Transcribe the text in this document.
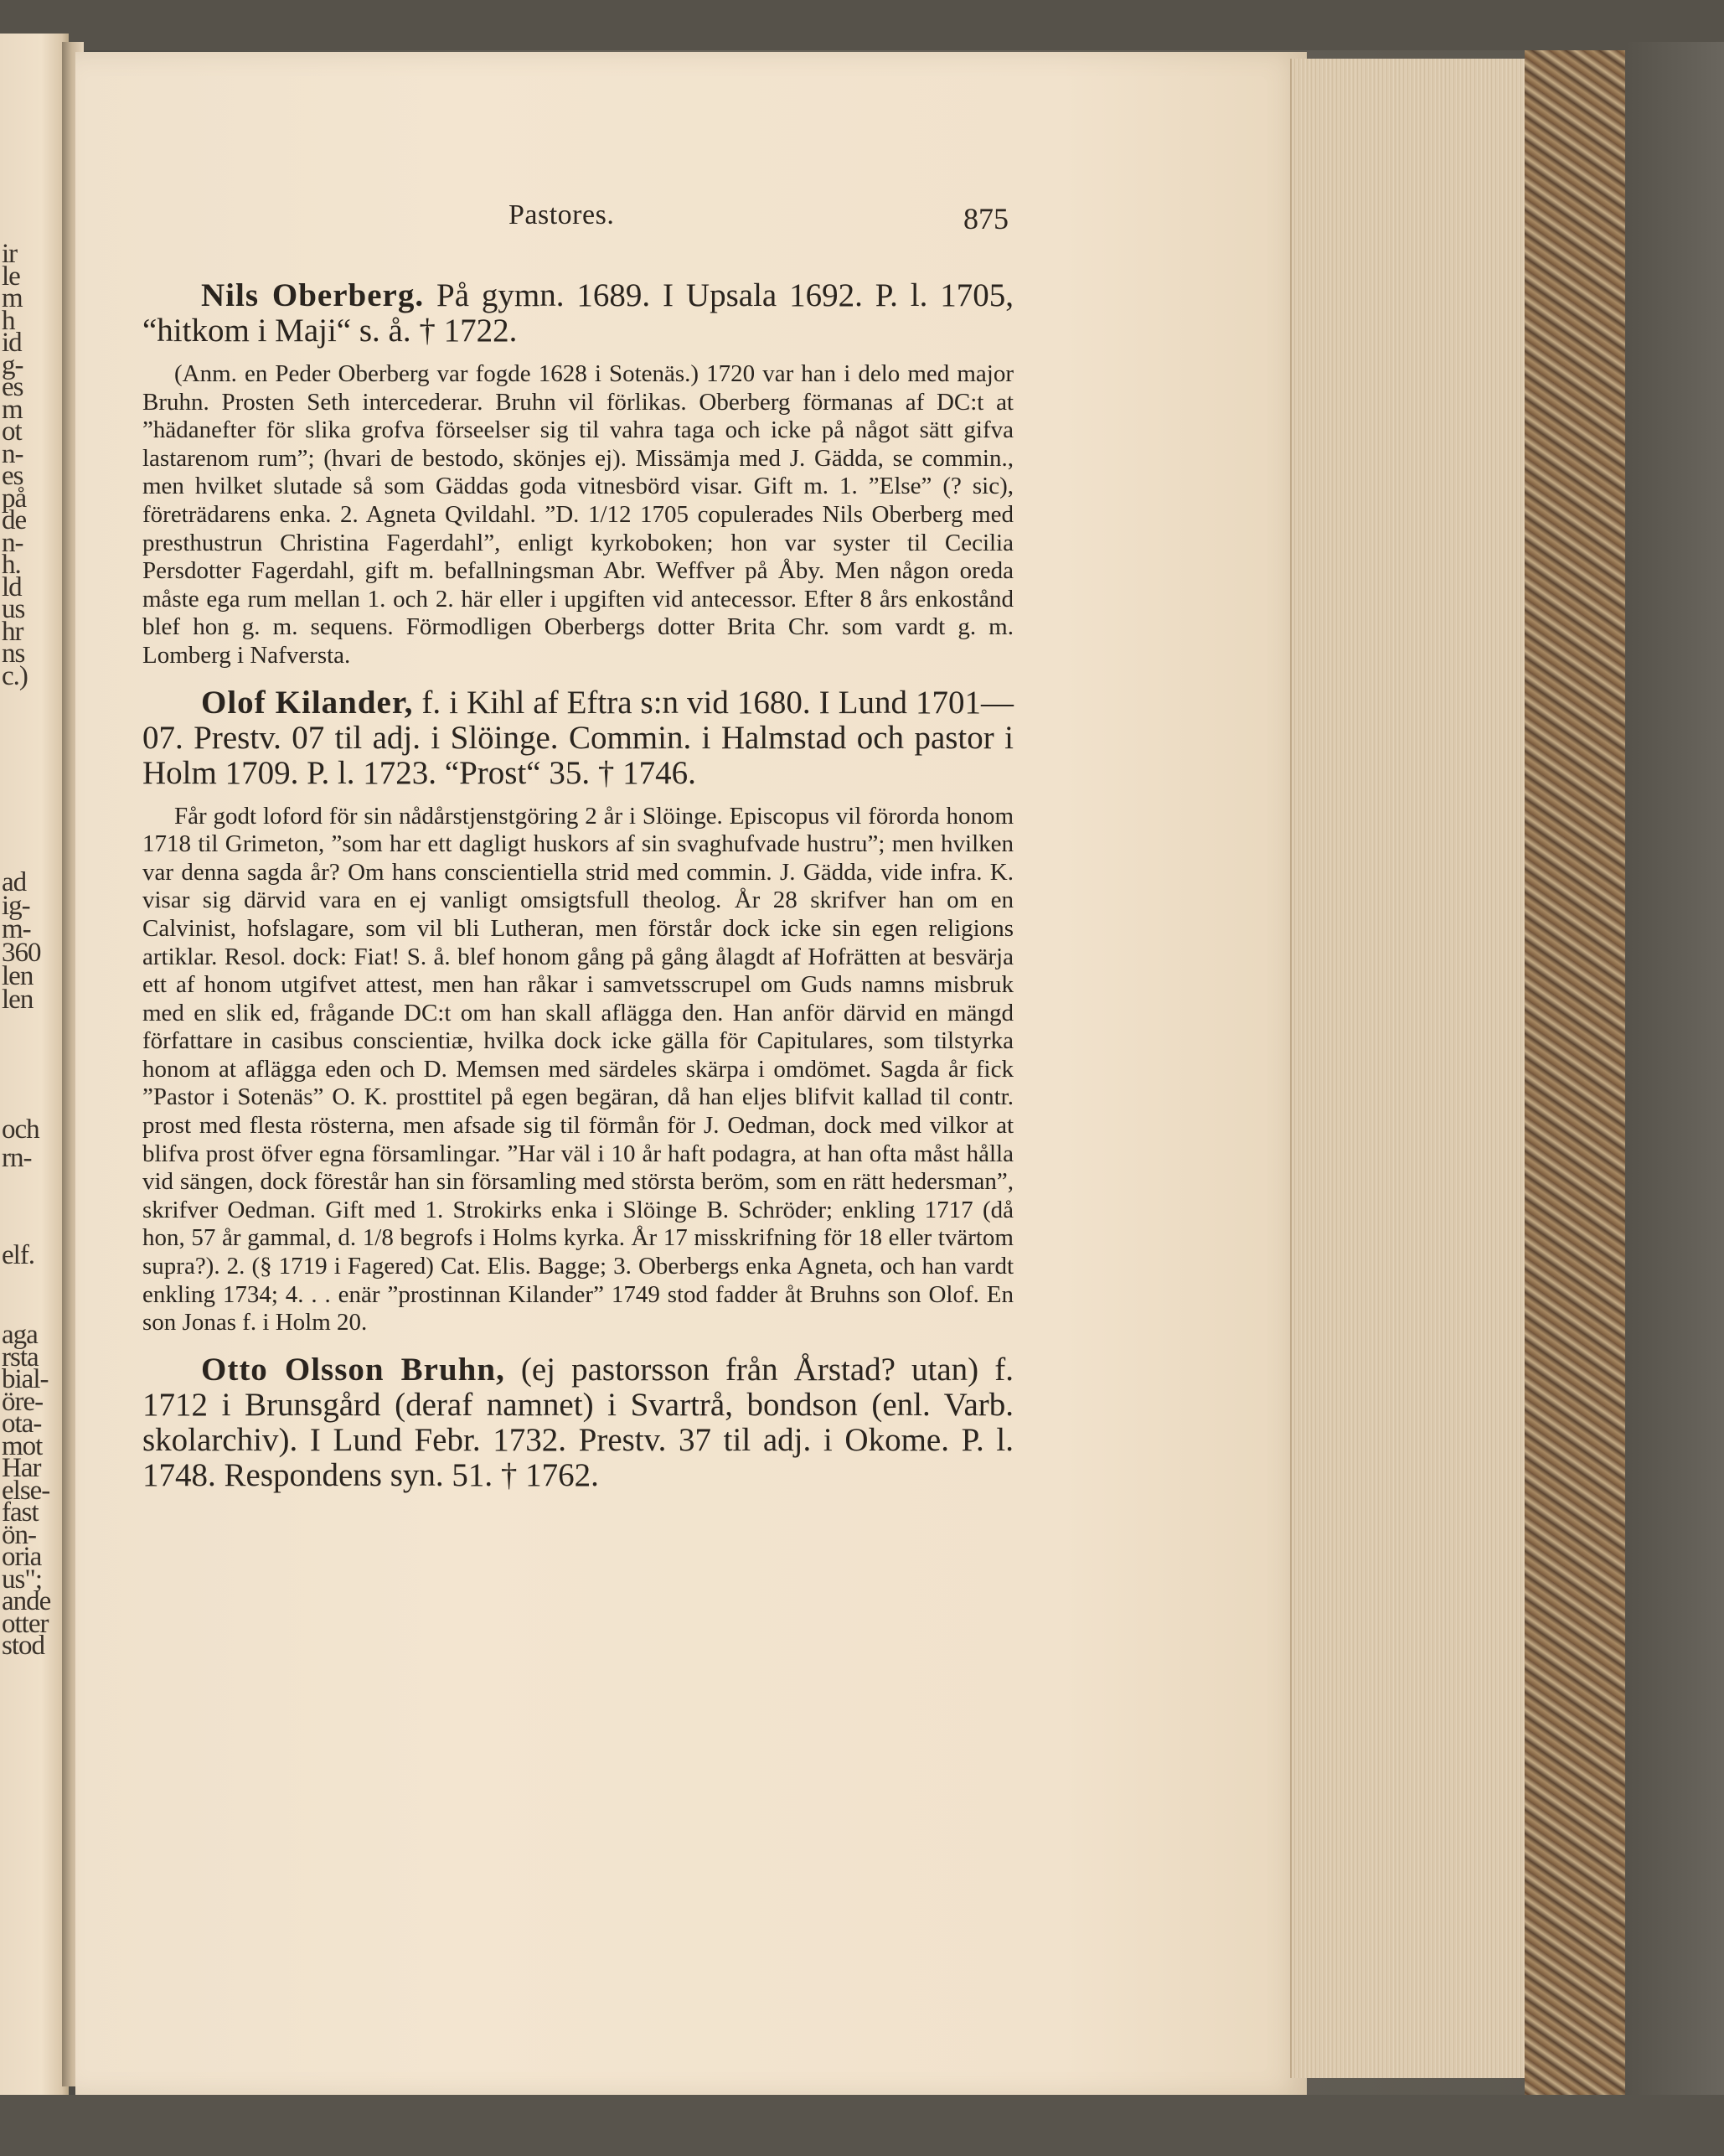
ir
le
m
h
id
g-
es
m
ot
n-
es
på
de
n-
h.
ld
us
hr
ns
c.)
ad
ig-
m-
360
len
len
och
rn-
elf.
aga
rsta
bial-
öre-
ota-
mot
Har
else-
fast
ön-
oria
us";
ande
otter
stod
Pastores.	875

Nils Oberberg. På gymn. 1689. I Upsala 1692. P. l. 1705, “hitkom i Maji“ s. å. † 1722.

(Anm. en Peder Oberberg var fogde 1628 i Sotenäs.) 1720 var han i delo med major Bruhn. Prosten Seth intercederar. Bruhn vil förlikas. Oberberg förmanas af DC:t at ”hädanefter för slika grofva förseelser sig til vahra taga och icke på något sätt gifva lastarenom rum”; (hvari de bestodo, skönjes ej). Missämja med J. Gädda, se commin., men hvilket slutade så som Gäddas goda vitnesbörd visar. Gift m. 1. ”Else” (? sic), företrädarens enka. 2. Agneta Qvildahl. ”D. 1/12 1705 copulerades Nils Oberberg med presthustrun Christina Fagerdahl”, enligt kyrkoboken; hon var syster til Cecilia Persdotter Fagerdahl, gift m. befallningsman Abr. Weffver på Åby. Men någon oreda måste ega rum mellan 1. och 2. här eller i upgiften vid antecessor. Efter 8 års enkostånd blef hon g. m. sequens. Förmodligen Oberbergs dotter Brita Chr. som vardt g. m. Lomberg i Nafversta.

Olof Kilander, f. i Kihl af Eftra s:n vid 1680. I Lund 1701—07. Prestv. 07 til adj. i Slöinge. Commin. i Halmstad och pastor i Holm 1709. P. l. 1723. “Prost“ 35. † 1746.

Får godt loford för sin nådårstjenstgöring 2 år i Slöinge. Episcopus vil förorda honom 1718 til Grimeton, ”som har ett dagligt huskors af sin svaghufvade hustru”; men hvilken var denna sagda år? Om hans conscientiella strid med commin. J. Gädda, vide infra. K. visar sig därvid vara en ej vanligt omsigtsfull theolog. År 28 skrifver han om en Calvinist, hofslagare, som vil bli Lutheran, men förstår dock icke sin egen religions artiklar. Resol. dock: Fiat! S. å. blef honom gång på gång ålagdt af Hofrätten at besvärja ett af honom utgifvet attest, men han råkar i samvetsscrupel om Guds namns misbruk med en slik ed, frågande DC:t om han skall aflägga den. Han anför därvid en mängd författare in casibus conscientiæ, hvilka dock icke gälla för Capitulares, som tilstyrka honom at aflägga eden och D. Memsen med särdeles skärpa i omdömet. Sagda år fick ”Pastor i Sotenäs” O. K. prosttitel på egen begäran, då han eljes blifvit kallad til contr. prost med flesta rösterna, men afsade sig til förmån för J. Oedman, dock med vilkor at blifva prost öfver egna församlingar. ”Har väl i 10 år haft podagra, at han ofta måst hålla vid sängen, dock förestår han sin församling med största beröm, som en rätt hedersman”, skrifver Oedman. Gift med 1. Strokirks enka i Slöinge B. Schröder; enkling 1717 (då hon, 57 år gammal, d. 1/8 begrofs i Holms kyrka. År 17 misskrifning för 18 eller tvärtom supra?). 2. (§ 1719 i Fagered) Cat. Elis. Bagge; 3. Oberbergs enka Agneta, och han vardt enkling 1734; 4. . . enär ”prostinnan Kilander” 1749 stod fadder åt Bruhns son Olof. En son Jonas f. i Holm 20.

Otto Olsson Bruhn, (ej pastorsson från Årstad? utan) f. 1712 i Brunsgård (deraf namnet) i Svartrå, bondson (enl. Varb. skolarchiv). I Lund Febr. 1732. Prestv. 37 til adj. i Okome. P. l. 1748. Respondens syn. 51. † 1762.
